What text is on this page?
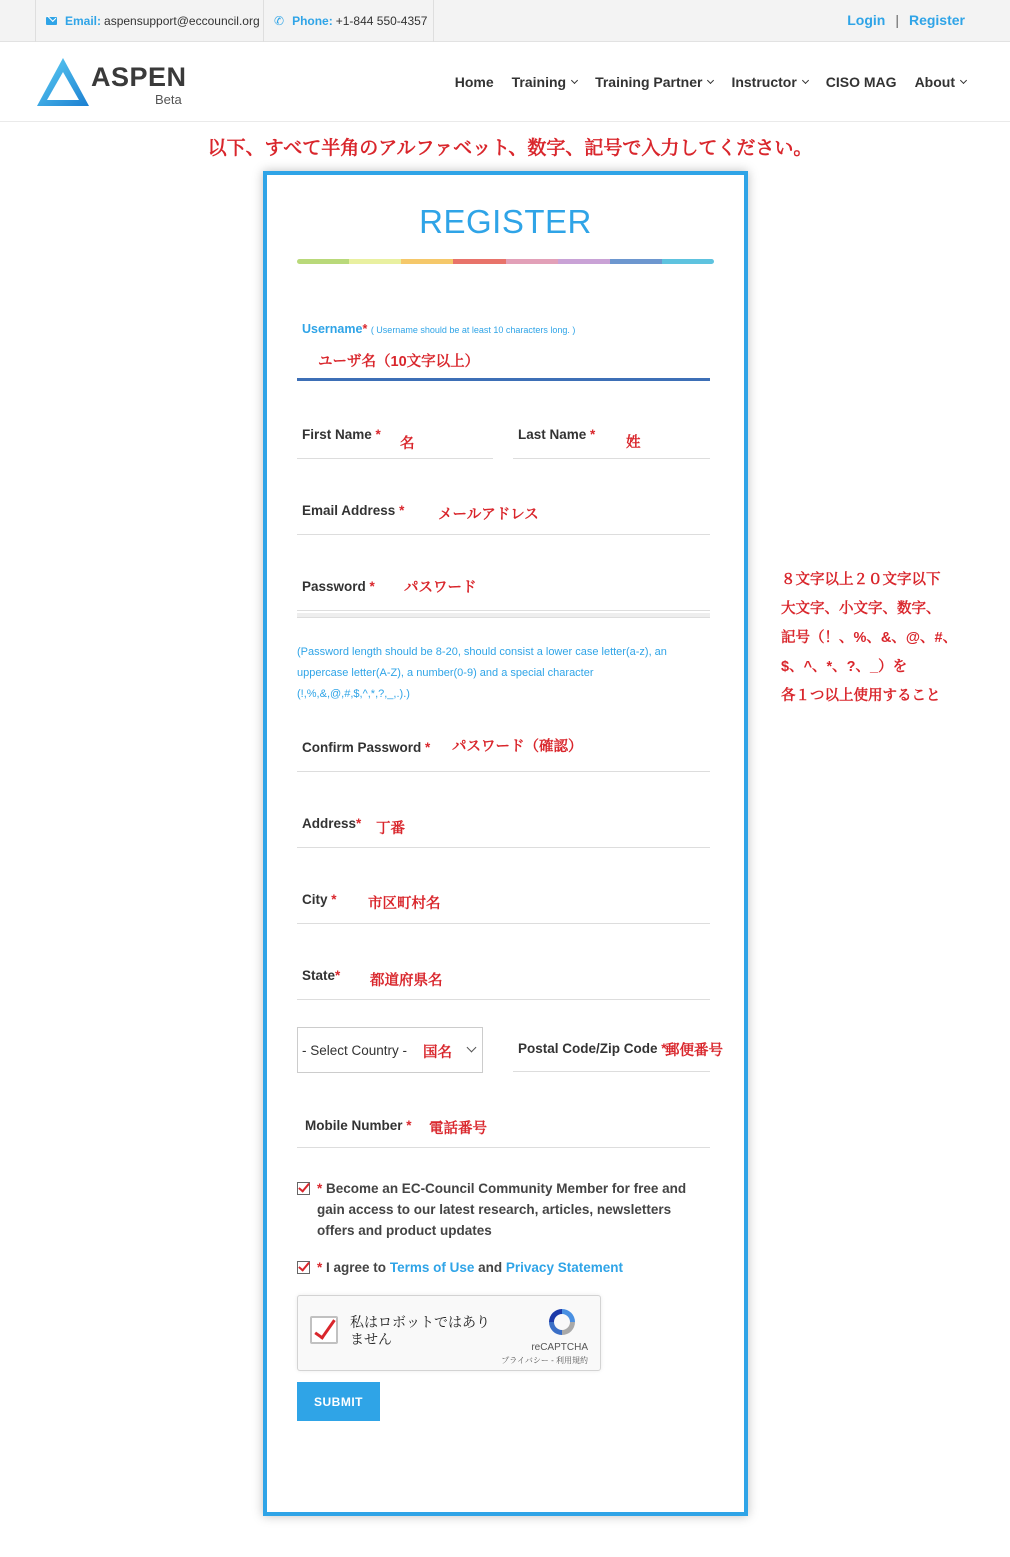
Email: aspensupport@eccouncil.org ✆ Phone: +1-844 550-4357	Login | Register
ASPEN
Beta
Home Training Training Partner Instructor CISO MAG About
以下、すべて半角のアルファベット、数字、記号で入力してください。
REGISTER
Username* ( Username should be at least 10 characters long. )
ユーザ名（10文字以上）
First Name *
名
Last Name *
姓
Email Address * メールアドレス
Password * パスワード
(Password length should be 8-20, should consist a lower case letter(a-z), an uppercase letter(A-Z), a number(0-9) and a special character (!,%,&,@,#,$,^,*,?,_,.).)
Confirm Password * パスワード（確認）
Address* 丁番
City * 市区町村名
State* 都道府県名
- Select Country - 国名	Postal Code/Zip Code *
郵便番号
Mobile Number * 電話番号
* Become an EC-Council Community Member for free and gain access to our latest research, articles, newsletters offers and product updates
* I agree to Terms of Use and Privacy Statement
私はロボットではありません
reCAPTCHA
プライバシー - 利用規約
SUBMIT
８文字以上２０文字以下
大文字、小文字、数字、
記号（！、%、&、@、#、
$、^、*、?、_）を
各１つ以上使用すること
